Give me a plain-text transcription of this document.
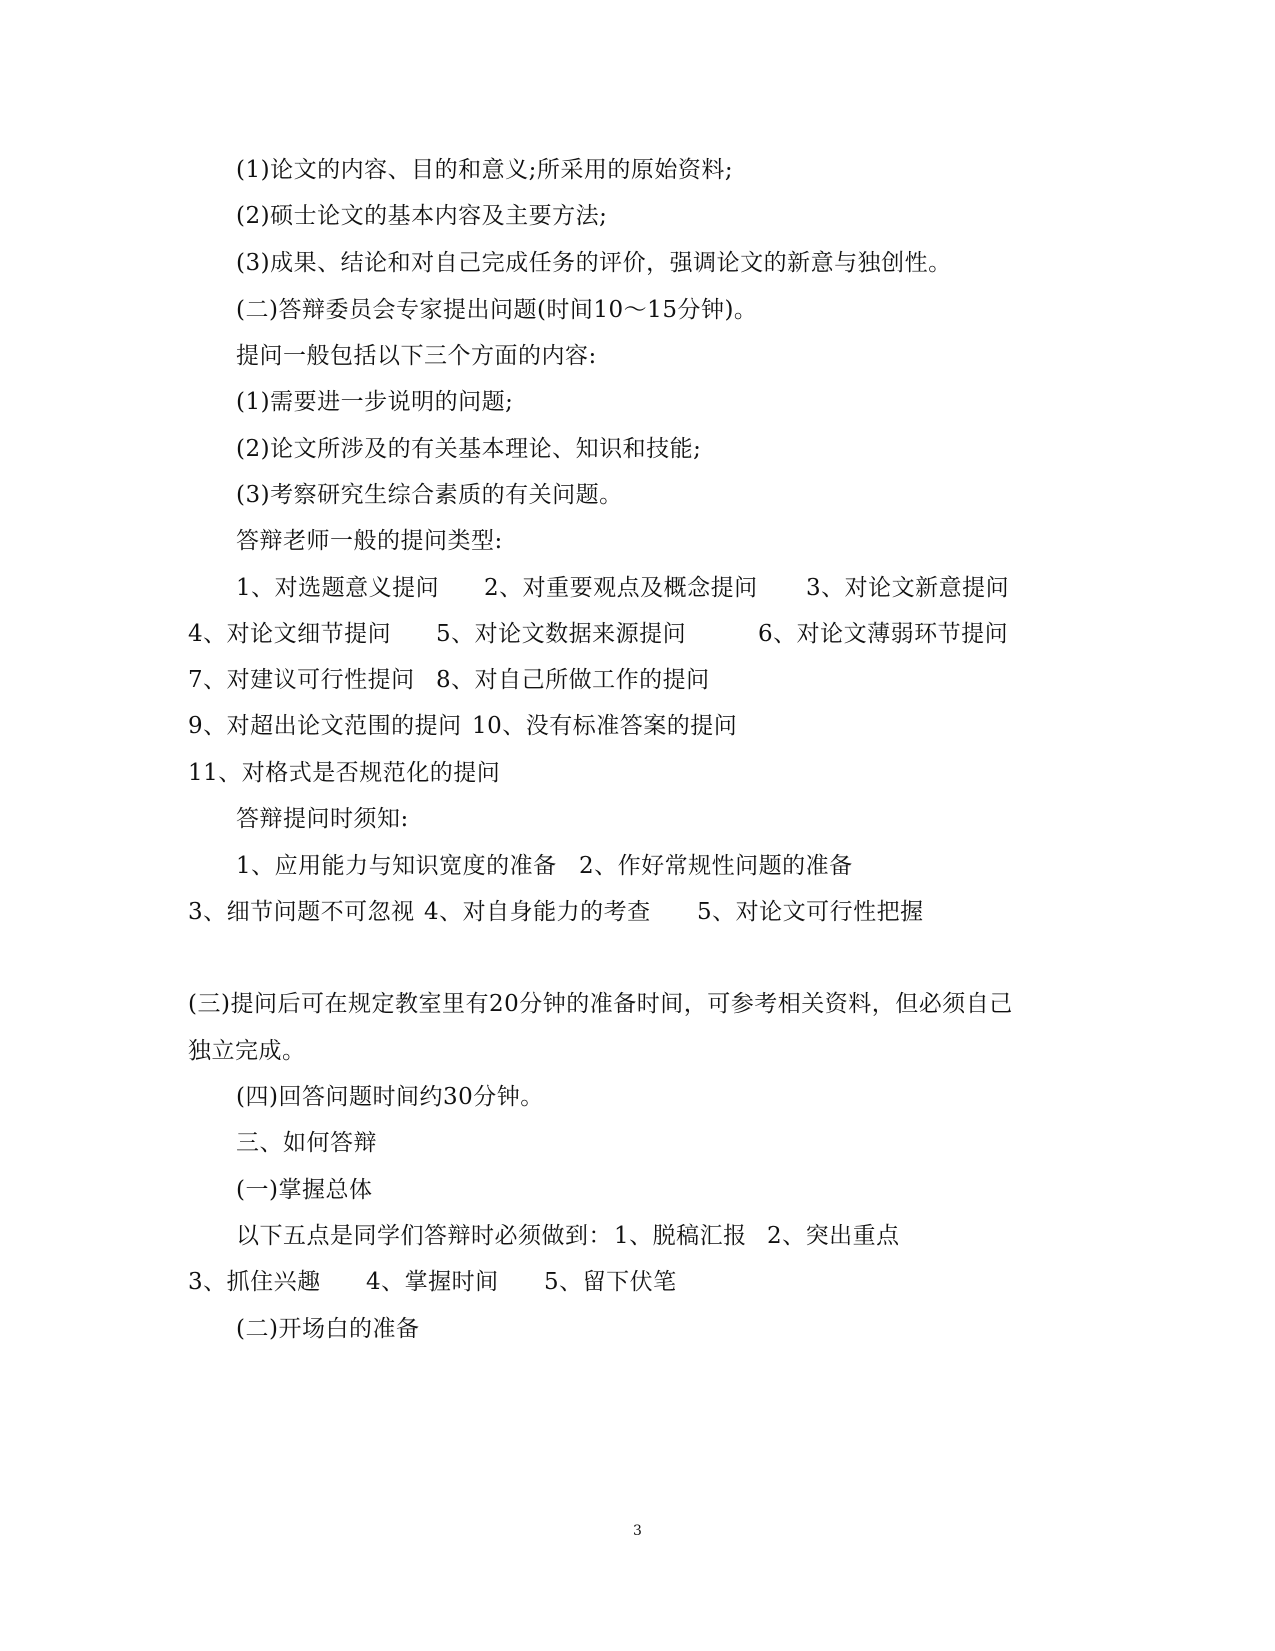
(1)论文的内容、目的和意义;所采用的原始资料;
(2)硕士论文的基本内容及主要方法;
(3)成果、结论和对自己完成任务的评价，强调论文的新意与独创性。
(二)答辩委员会专家提出问题(时间10～15分钟)。
提问一般包括以下三个方面的内容:
(1)需要进一步说明的问题;
(2)论文所涉及的有关基本理论、知识和技能;
(3)考察研究生综合素质的有关问题。
答辩老师一般的提问类型:
1、对选题意义提问 2、对重要观点及概念提问 3、对论文新意提问
4、对论文细节提问 5、对论文数据来源提问	6、对论文薄弱环节提问
7、对建议可行性提问 8、对自己所做工作的提问
9、对超出论文范围的提问 10、没有标准答案的提问
11、对格式是否规范化的提问
答辩提问时须知:
1、应用能力与知识宽度的准备 2、作好常规性问题的准备
3、细节问题不可忽视 4、对自身能力的考查 5、对论文可行性把握
(三)提问后可在规定教室里有20分钟的准备时间，可参考相关资料，但必须自己
独立完成。
(四)回答问题时间约30分钟。
三、如何答辩
(一)掌握总体
以下五点是同学们答辩时必须做到： 1、脱稿汇报 2、突出重点
3、抓住兴趣 4、掌握时间 5、留下伏笔
(二)开场白的准备
3
